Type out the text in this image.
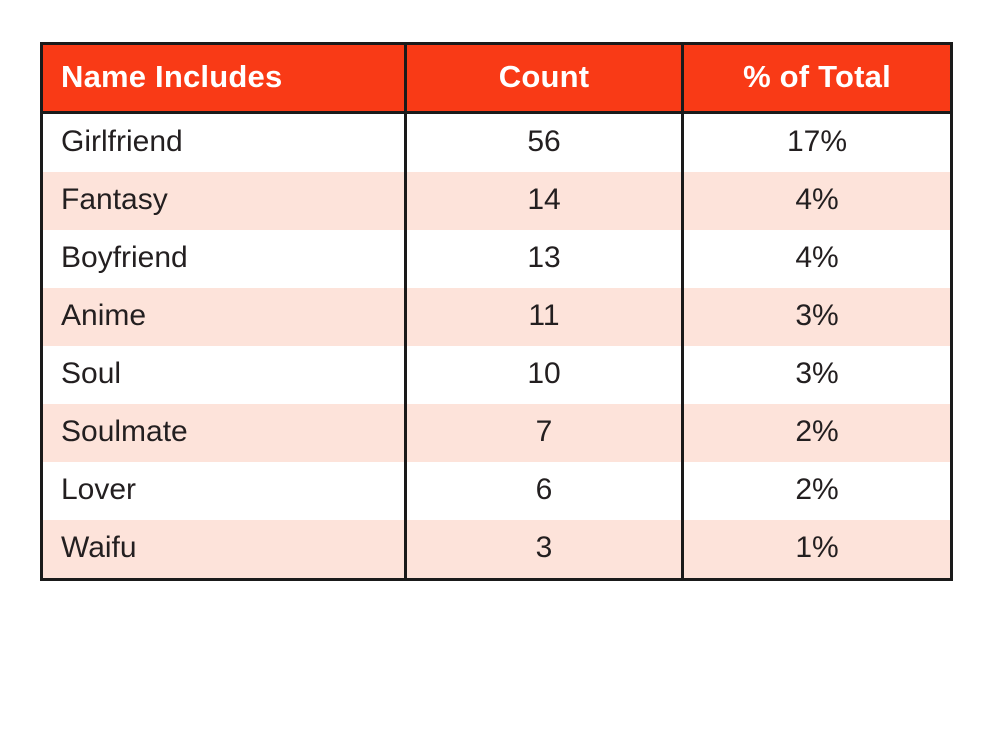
Name Includes	Count	% of Total
Girlfriend	56	17%
Fantasy	14	4%
Boyfriend	13	4%
Anime	11	3%
Soul	10	3%
Soulmate	7	2%
Lover	6	2%
Waifu	3	1%
